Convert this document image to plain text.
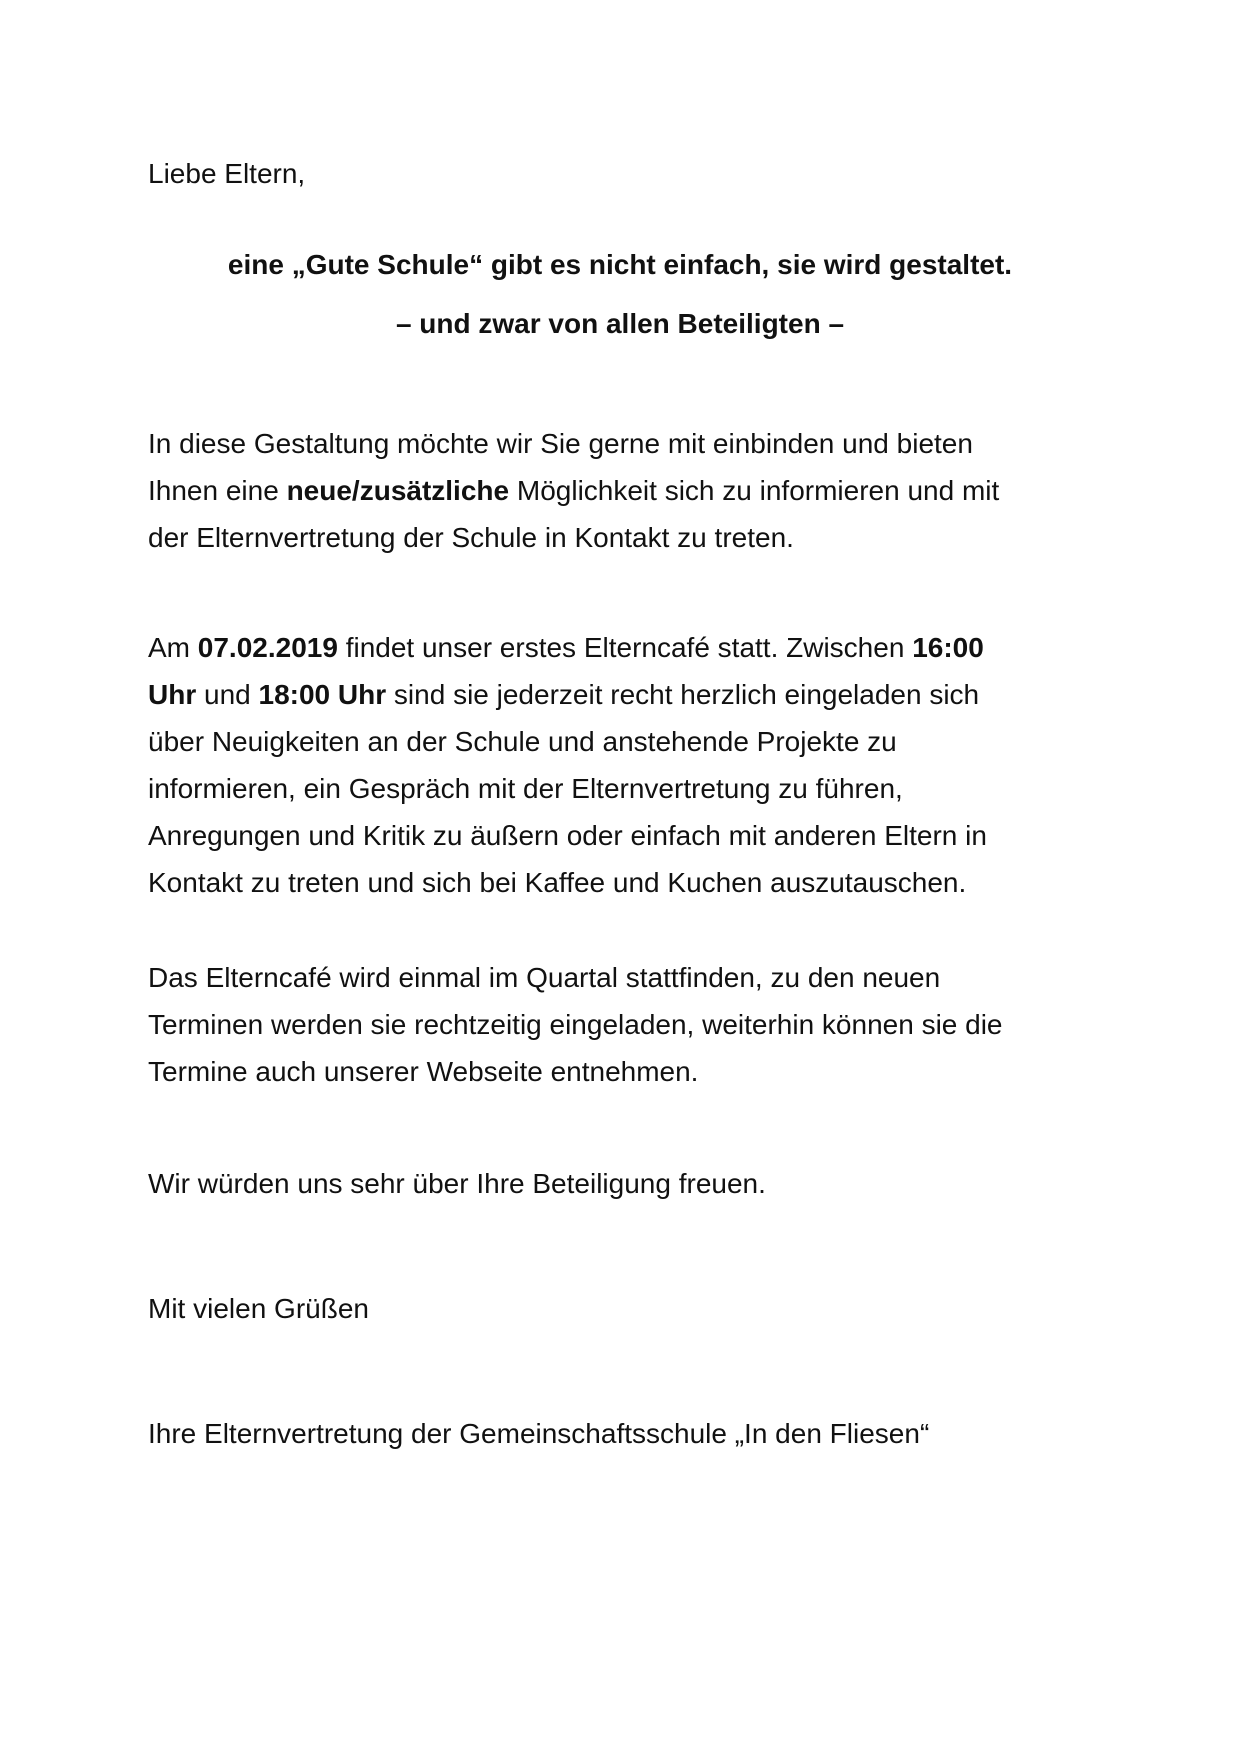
Liebe Eltern,

eine „Gute Schule“ gibt es nicht einfach, sie wird gestaltet.

– und zwar von allen Beteiligten –

In diese Gestaltung möchte wir Sie gerne mit einbinden und bieten
Ihnen eine neue/zusätzliche Möglichkeit sich zu informieren und mit
der Elternvertretung der Schule in Kontakt zu treten.
Am 07.02.2019 findet unser erstes Elterncafé statt. Zwischen 16:00
Uhr und 18:00 Uhr sind sie jederzeit recht herzlich eingeladen sich
über Neuigkeiten an der Schule und anstehende Projekte zu
informieren, ein Gespräch mit der Elternvertretung zu führen,
Anregungen und Kritik zu äußern oder einfach mit anderen Eltern in
Kontakt zu treten und sich bei Kaffee und Kuchen auszutauschen.
Das Elterncafé wird einmal im Quartal stattfinden, zu den neuen
Terminen werden sie rechtzeitig eingeladen, weiterhin können sie die
Termine auch unserer Webseite entnehmen.

Wir würden uns sehr über Ihre Beteiligung freuen.

Mit vielen Grüßen

Ihre Elternvertretung der Gemeinschaftsschule „In den Fliesen“
